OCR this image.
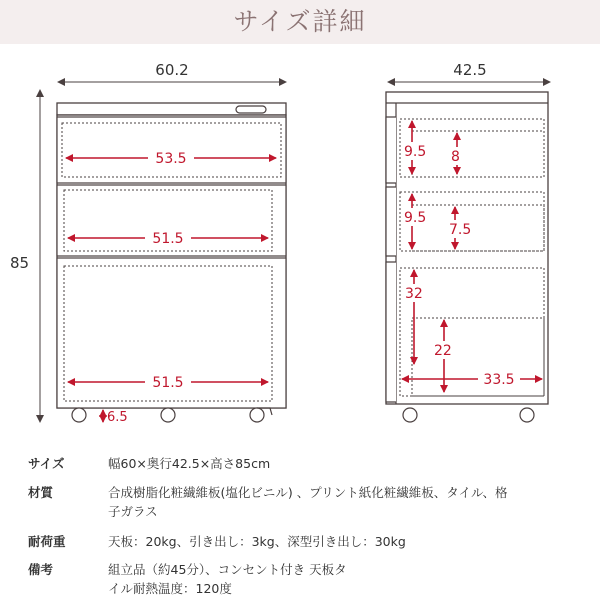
サイズ詳細
60.2
85
53.5
51.5
51.5
6.5
42.5
9.5 8
9.5
7.5
32
22
33.5
サイズ	幅60×奥行42.5×高さ85cm
材質	合成樹脂化粧繊維板(塩化ビニル) 、プリント紙化粧繊維板、タイル、格子ガラス
耐荷重	天板：20kg、引き出し：3kg、深型引き出し：30kg
備考	組立品（約45分）、コンセント付き 天板タイル耐熱温度：120度
